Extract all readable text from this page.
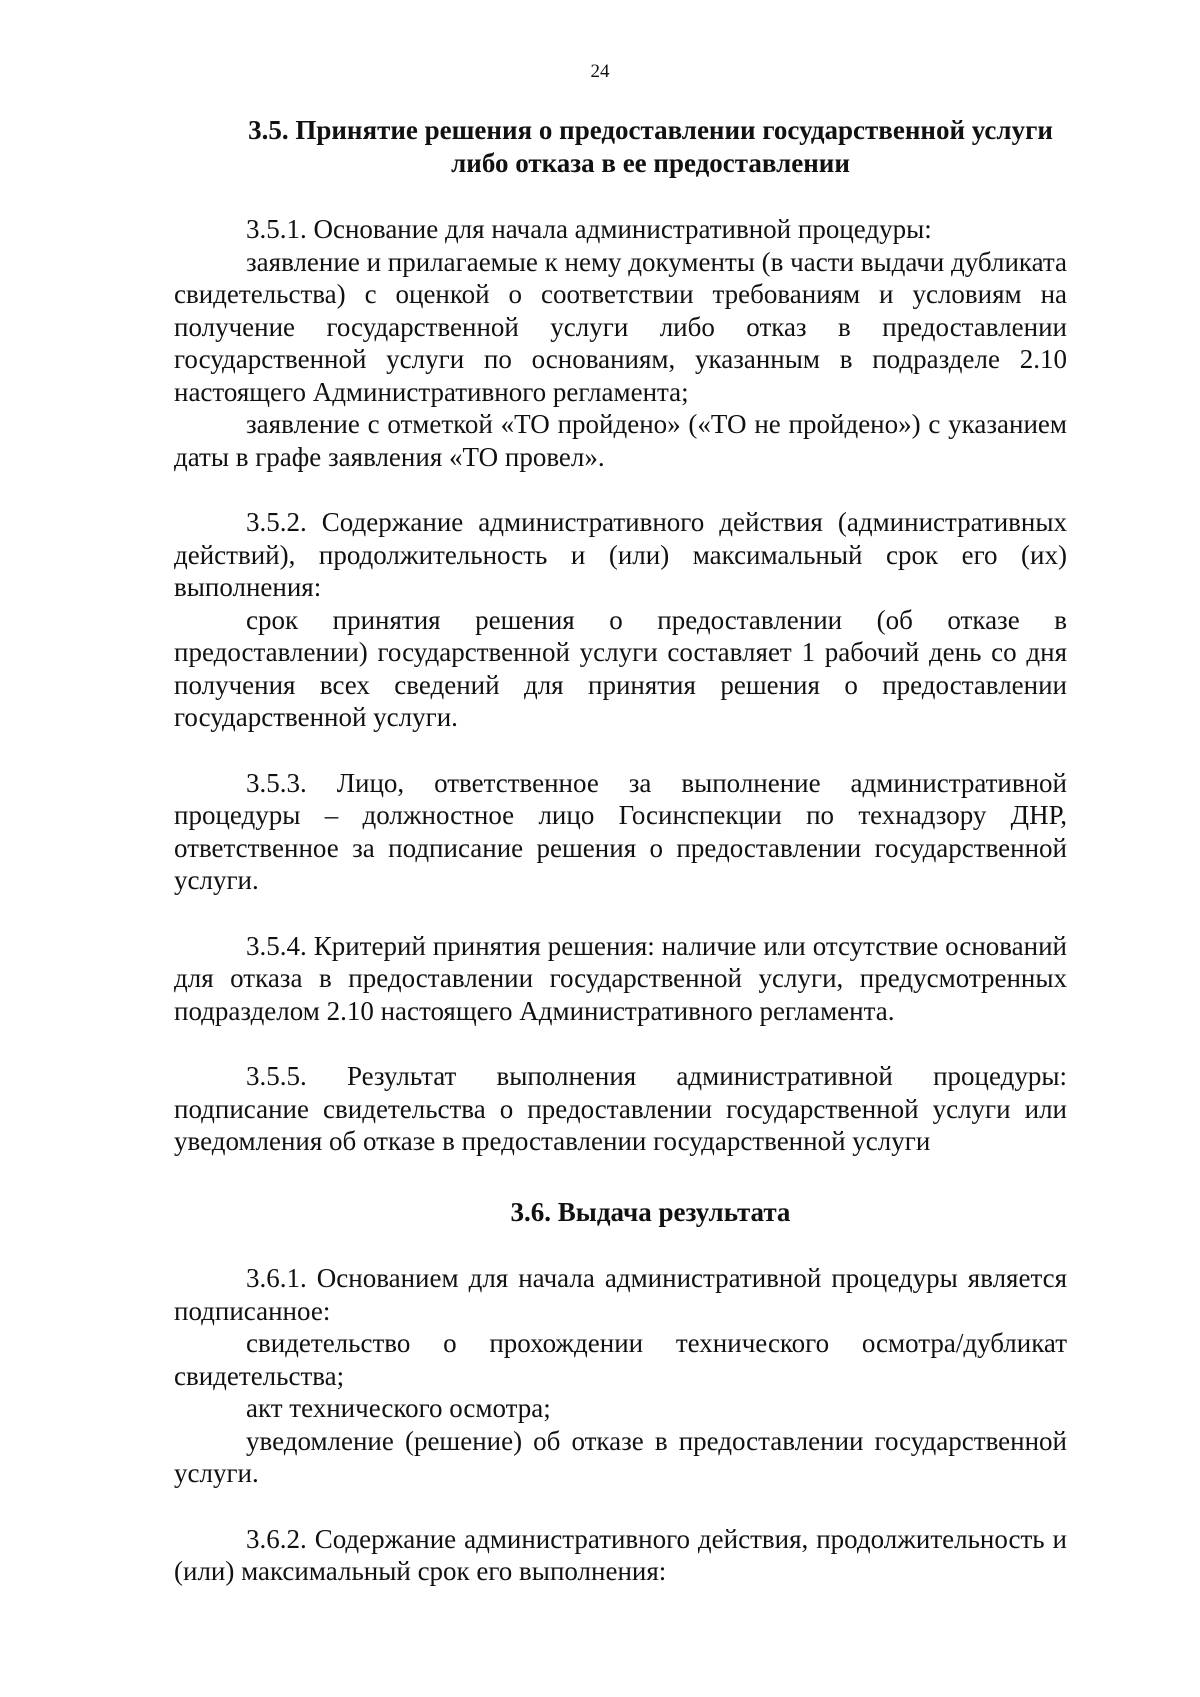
24
3.5. Принятие решения о предоставлении государственной услуги
либо отказа в ее предоставлении

3.5.1. Основание для начала административной процедуры:

заявление и прилагаемые к нему документы (в части выдачи дубликата свидетельства) с оценкой о соответствии требованиям и условиям на получение государственной услуги либо отказ в предоставлении государственной услуги по основаниям, указанным в подразделе 2.10 настоящего Административного регламента;

заявление с отметкой «ТО пройдено» («ТО не пройдено») с указанием даты в графе заявления «ТО провел».

3.5.2. Содержание административного действия (административных действий), продолжительность и (или) максимальный срок его (их) выполнения:

срок принятия решения о предоставлении (об отказе в предоставлении) государственной услуги составляет 1 рабочий день со дня получения всех сведений для принятия решения о предоставлении государственной услуги.

3.5.3. Лицо, ответственное за выполнение административной процедуры – должностное лицо Госинспекции по технадзору ДНР, ответственное за подписание решения о предоставлении государственной услуги.

3.5.4. Критерий принятия решения: наличие или отсутствие оснований для отказа в предоставлении государственной услуги, предусмотренных подразделом 2.10 настоящего Административного регламента.

3.5.5. Результат выполнения административной процедуры: подписание свидетельства о предоставлении государственной услуги или уведомления об отказе в предоставлении государственной услуги

3.6. Выдача результата

3.6.1. Основанием для начала административной процедуры является подписанное:

свидетельство о прохождении технического осмотра/дубликат свидетельства;

акт технического осмотра;

уведомление (решение) об отказе в предоставлении государственной услуги.

3.6.2. Содержание административного действия, продолжительность и (или) максимальный срок его выполнения:
